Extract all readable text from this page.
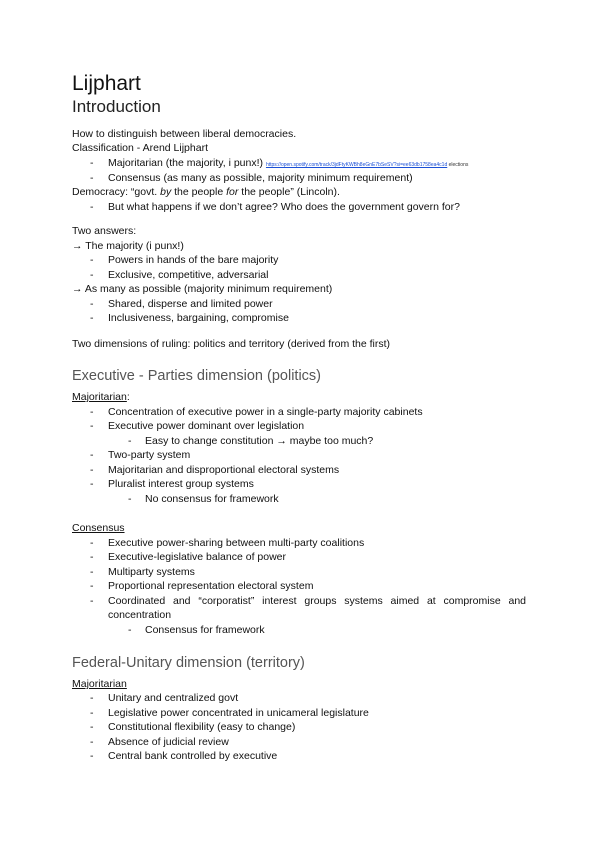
Lijphart
Introduction
How to distinguish between liberal democracies.
Classification - Arend Lijphart
- Majoritarian (the majority, i punx!) https://open.spotify.com/track/3jdFtyKWBh8eGnE7bSeSV?si=ee63db1758ea4c1d elections
- Consensus (as many as possible, majority minimum requirement)
Democracy: “govt. by the people for the people” (Lincoln).
- But what happens if we don’t agree? Who does the government govern for?
Two answers:
→ The majority (i punx!)
- Powers in hands of the bare majority
- Exclusive, competitive, adversarial
→ As many as possible (majority minimum requirement)
- Shared, disperse and limited power
- Inclusiveness, bargaining, compromise
Two dimensions of ruling: politics and territory (derived from the first)
Executive - Parties dimension (politics)
Majoritarian:
- Concentration of executive power in a single-party majority cabinets
- Executive power dominant over legislation
- Easy to change constitution → maybe too much?
- Two-party system
- Majoritarian and disproportional electoral systems
- Pluralist interest group systems
- No consensus for framework
Consensus
- Executive power-sharing between multi-party coalitions
- Executive-legislative balance of power
- Multiparty systems
- Proportional representation electoral system
- Coordinated and “corporatist” interest groups systems aimed at compromise and
concentration
- Consensus for framework
Federal-Unitary dimension (territory)
Majoritarian
- Unitary and centralized govt
- Legislative power concentrated in unicameral legislature
- Constitutional flexibility (easy to change)
- Absence of judicial review
- Central bank controlled by executive
